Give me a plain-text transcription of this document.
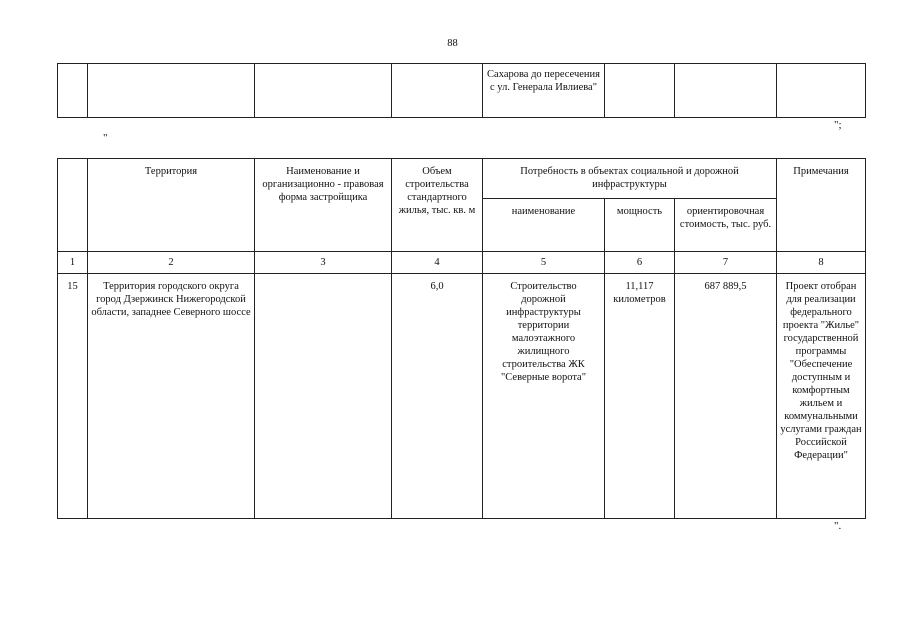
88
				Сахарова до пересечения с ул. Генерала Ивлиева"			
";
"
	Территория	Наименование и организационно - правовая форма застройщика	Объем строительства стандартного жилья, тыс. кв. м	Потребность в объектах социальной и дорожной инфраструктуры			Примечания
				наименование	мощность	ориентировочная стоимость, тыс. руб.	
1	2	3	4	5	6	7	8
15	Территория городского округа город Дзержинск Нижегородской области, западнее Северного шоссе		6,0	Строительство дорожной инфраструктуры территории малоэтажного жилищного строительства ЖК "Северные ворота"	11,117 километров	687 889,5	Проект отобран для реализации федерального проекта "Жилье" государственной программы "Обеспечение доступным и комфортным жильем и коммунальными услугами граждан Российской Федерации"
".
